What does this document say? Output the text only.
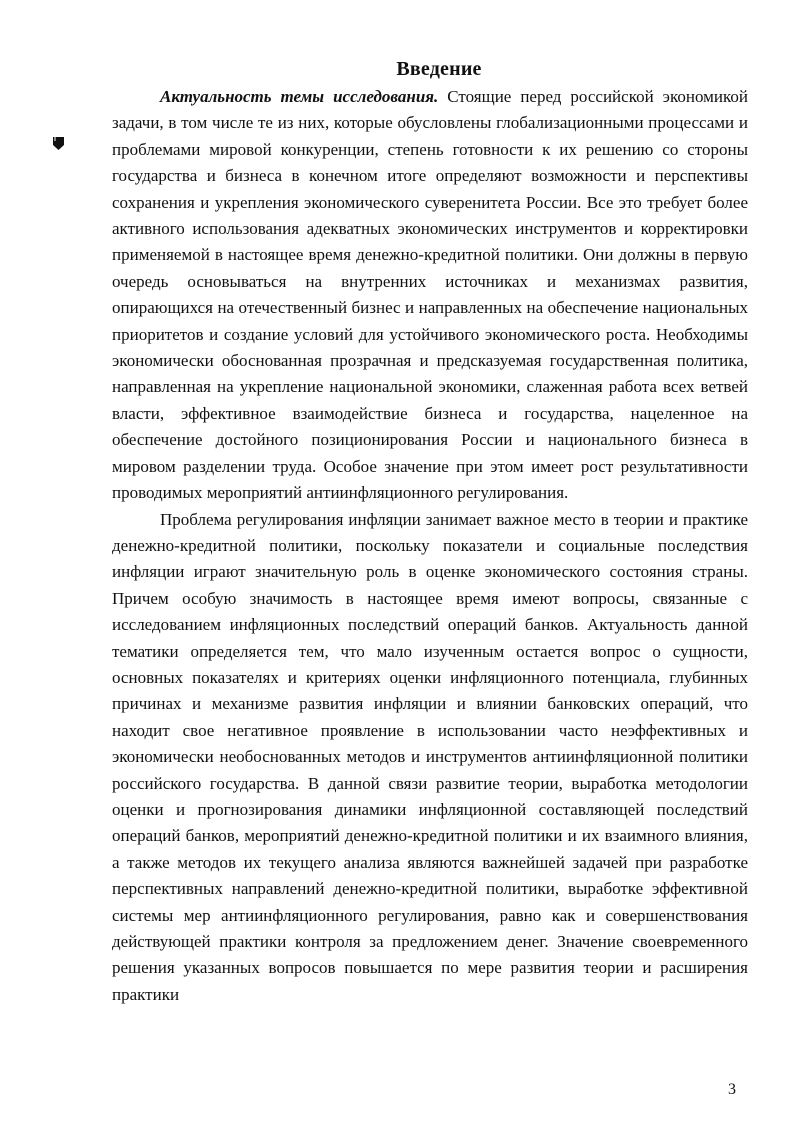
Введение

Актуальность темы исследования. Стоящие перед российской экономикой задачи, в том числе те из них, которые обусловлены глобализационными процессами и проблемами мировой конкуренции, степень готовности к их решению со стороны государства и бизнеса в конечном итоге определяют возможности и перспективы сохранения и укрепления экономического суверенитета России. Все это требует более активного использования адекватных экономических инструментов и корректировки применяемой в настоящее время денежно-кредитной политики. Они должны в первую очередь основываться на внутренних источниках и механизмах развития, опирающихся на отечественный бизнес и направленных на обеспечение национальных приоритетов и создание условий для устойчивого экономического роста. Необходимы экономически обоснованная прозрачная и предсказуемая государственная политика, направленная на укрепление национальной экономики, слаженная работа всех ветвей власти, эффективное взаимодействие бизнеса и государства, нацеленное на обеспечение достойного позиционирования России и национального бизнеса в мировом разделении труда. Особое значение при этом имеет рост результативности проводимых мероприятий антиинфляционного регулирования.

Проблема регулирования инфляции занимает важное место в теории и практике денежно-кредитной политики, поскольку показатели и социальные последствия инфляции играют значительную роль в оценке экономического состояния страны. Причем особую значимость в настоящее время имеют вопросы, связанные с исследованием инфляционных последствий операций банков. Актуальность данной тематики определяется тем, что мало изученным остается вопрос о сущности, основных показателях и критериях оценки инфляционного потенциала, глубинных причинах и механизме развития инфляции и влиянии банковских операций, что находит свое негативное проявление в использовании часто неэффективных и экономически необоснованных методов и инструментов антиинфляционной политики российского государства. В данной связи развитие теории, выработка методологии оценки и прогнозирования динамики инфляционной составляющей последствий операций банков, мероприятий денежно-кредитной политики и их взаимного влияния, а также методов их текущего анализа являются важнейшей задачей при разработке перспективных направлений денежно-кредитной политики, выработке эффективной системы мер антиинфляционного регулирования, равно как и совершенствования действующей практики контроля за предложением денег. Значение своевременного решения указанных вопросов повышается по мере развития теории и расширения практики

3
